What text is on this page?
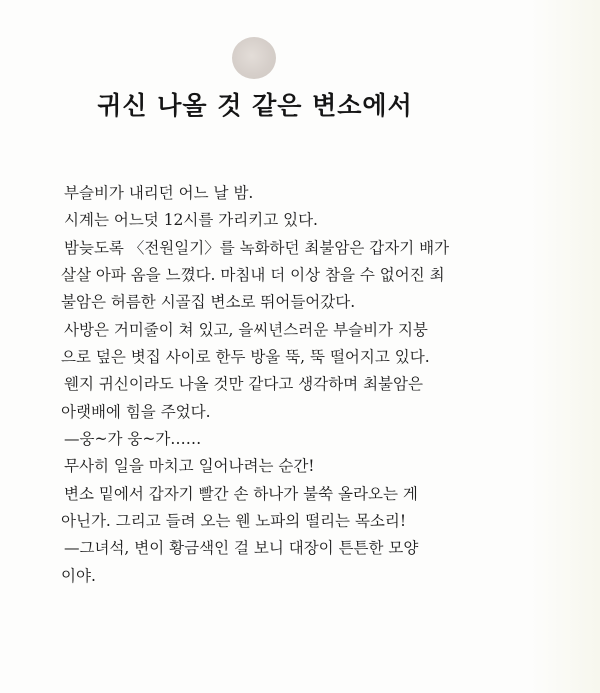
귀신 나올 것 같은 변소에서
부슬비가 내리던 어느 날 밤.
시계는 어느덧 12시를 가리키고 있다.
밤늦도록 〈전원일기〉를 녹화하던 최불암은 갑자기 배가
살살 아파 옴을 느꼈다. 마침내 더 이상 참을 수 없어진 최
불암은 허름한 시골집 변소로 뛰어들어갔다.
사방은 거미줄이 쳐 있고, 을씨년스러운 부슬비가 지붕
으로 덮은 볏집 사이로 한두 방울 뚝, 뚝 떨어지고 있다.
웬지 귀신이라도 나올 것만 같다고 생각하며 최불암은
아랫배에 힘을 주었다.
—웅~가 웅~가……
무사히 일을 마치고 일어나려는 순간!
변소 밑에서 갑자기 빨간 손 하나가 불쑥 올라오는 게
아닌가. 그리고 들려 오는 웬 노파의 떨리는 목소리!
—그녀석, 변이 황금색인 걸 보니 대장이 튼튼한 모양
이야.
